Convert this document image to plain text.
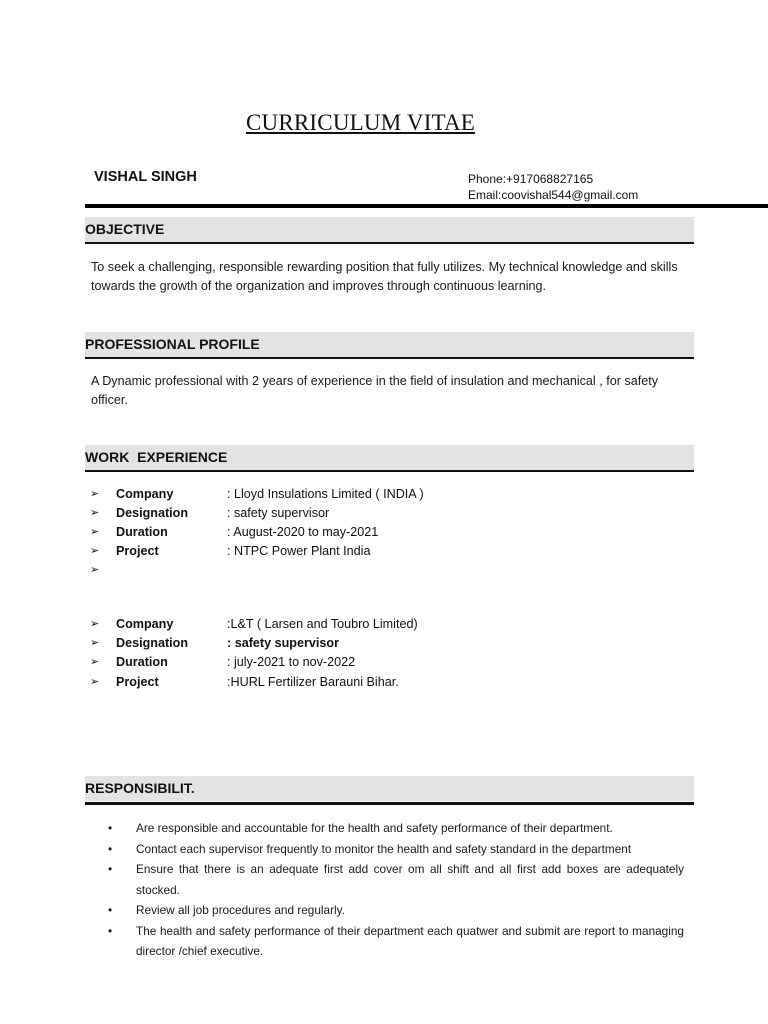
CURRICULUM VITAE
VISHAL SINGH	Phone:+917068827165
Email:coovishal544@gmail.com
OBJECTIVE
To seek a challenging, responsible rewarding position that fully utilizes. My technical knowledge and skills towards the growth of the organization and improves through continuous learning.
PROFESSIONAL PROFILE
A Dynamic professional with 2 years of experience in the field of insulation and mechanical , for safety officer.
WORK  EXPERIENCE
➢ Company	: Lloyd Insulations Limited ( INDIA )
➢ Designation	: safety supervisor
➢ Duration	: August-2020 to may-2021
➢ Project	: NTPC Power Plant India
➢
➢ Company	:L&T ( Larsen and Toubro Limited)
➢ Designation	: safety supervisor
➢ Duration	: july-2021 to nov-2022
➢ Project	:HURL Fertilizer Barauni Bihar.
RESPONSIBILIT.
• Are responsible and accountable for the health and safety performance of their department.
• Contact each supervisor frequently to monitor the health and safety standard in the department
• Ensure that there is an adequate first add cover om all shift and all first add boxes are adequately stocked.
• Review all job procedures and regularly.
• The health and safety performance of their department each quatwer and submit are report to managing director /chief executive.
